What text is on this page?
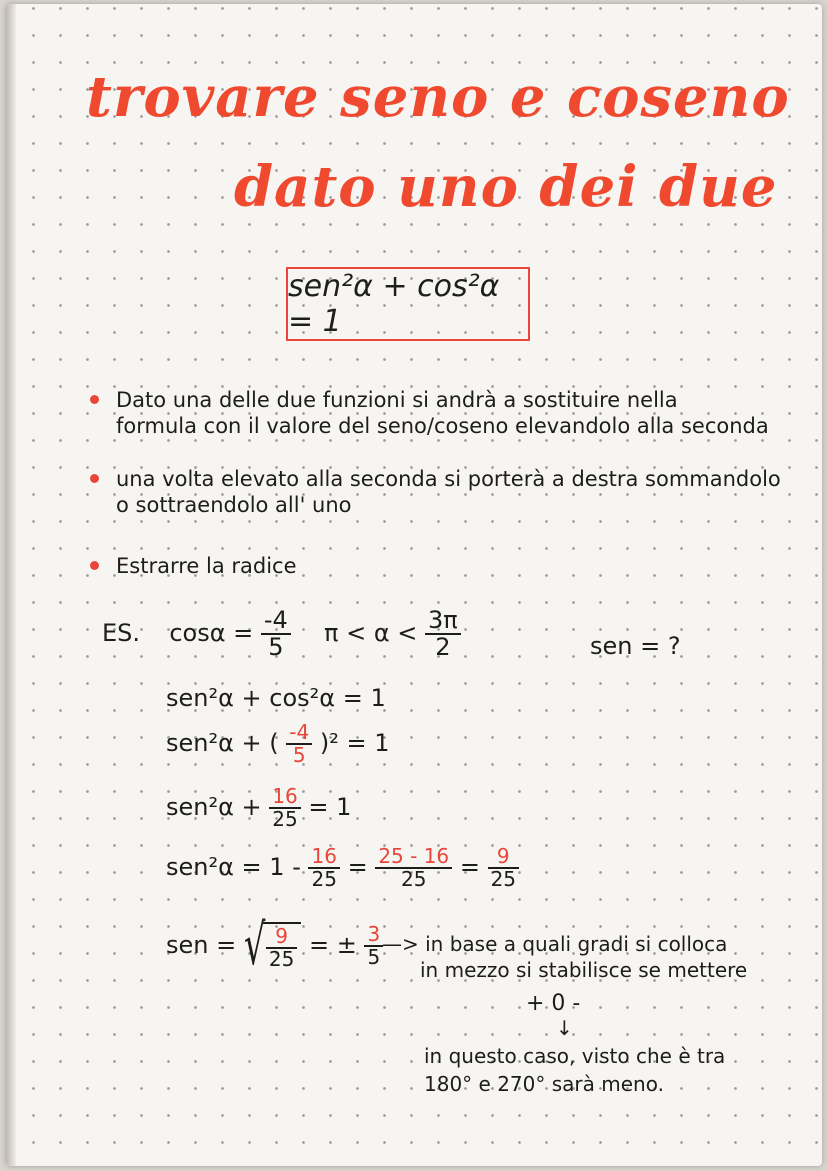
trovare seno e coseno
dato uno dei due
sen²α + cos²α = 1
Dato una delle due funzioni si andrà a sostituire nella
formula con il valore del seno/coseno elevandolo alla seconda
una volta elevato alla seconda si porterà a destra sommandolo
o sottraendolo all' uno
Estrarre la radice
ES. $\cos\alpha = \frac{-4}{5}$ $\pi < \alpha < \frac{3\pi}{2}$	sen = ?
sen²α + cos²α = 1
sen²α + ( $\frac{-4}{5} )^2 = 1$
$sen^2\alpha + \frac{16}{25} = 1$
$sen^2\alpha = 1 - \frac{16}{25} = \frac{25 - 16}{25} = \frac{9}{25}$
sen = √ $\frac{9}{25}$ = ± $\frac{3}{5}$
—> in base a quali gradi si colloca
in mezzo si stabilisce se mettere
+ 0 -
↓
in questo caso, visto che è tra
180° e 270° sarà meno.
